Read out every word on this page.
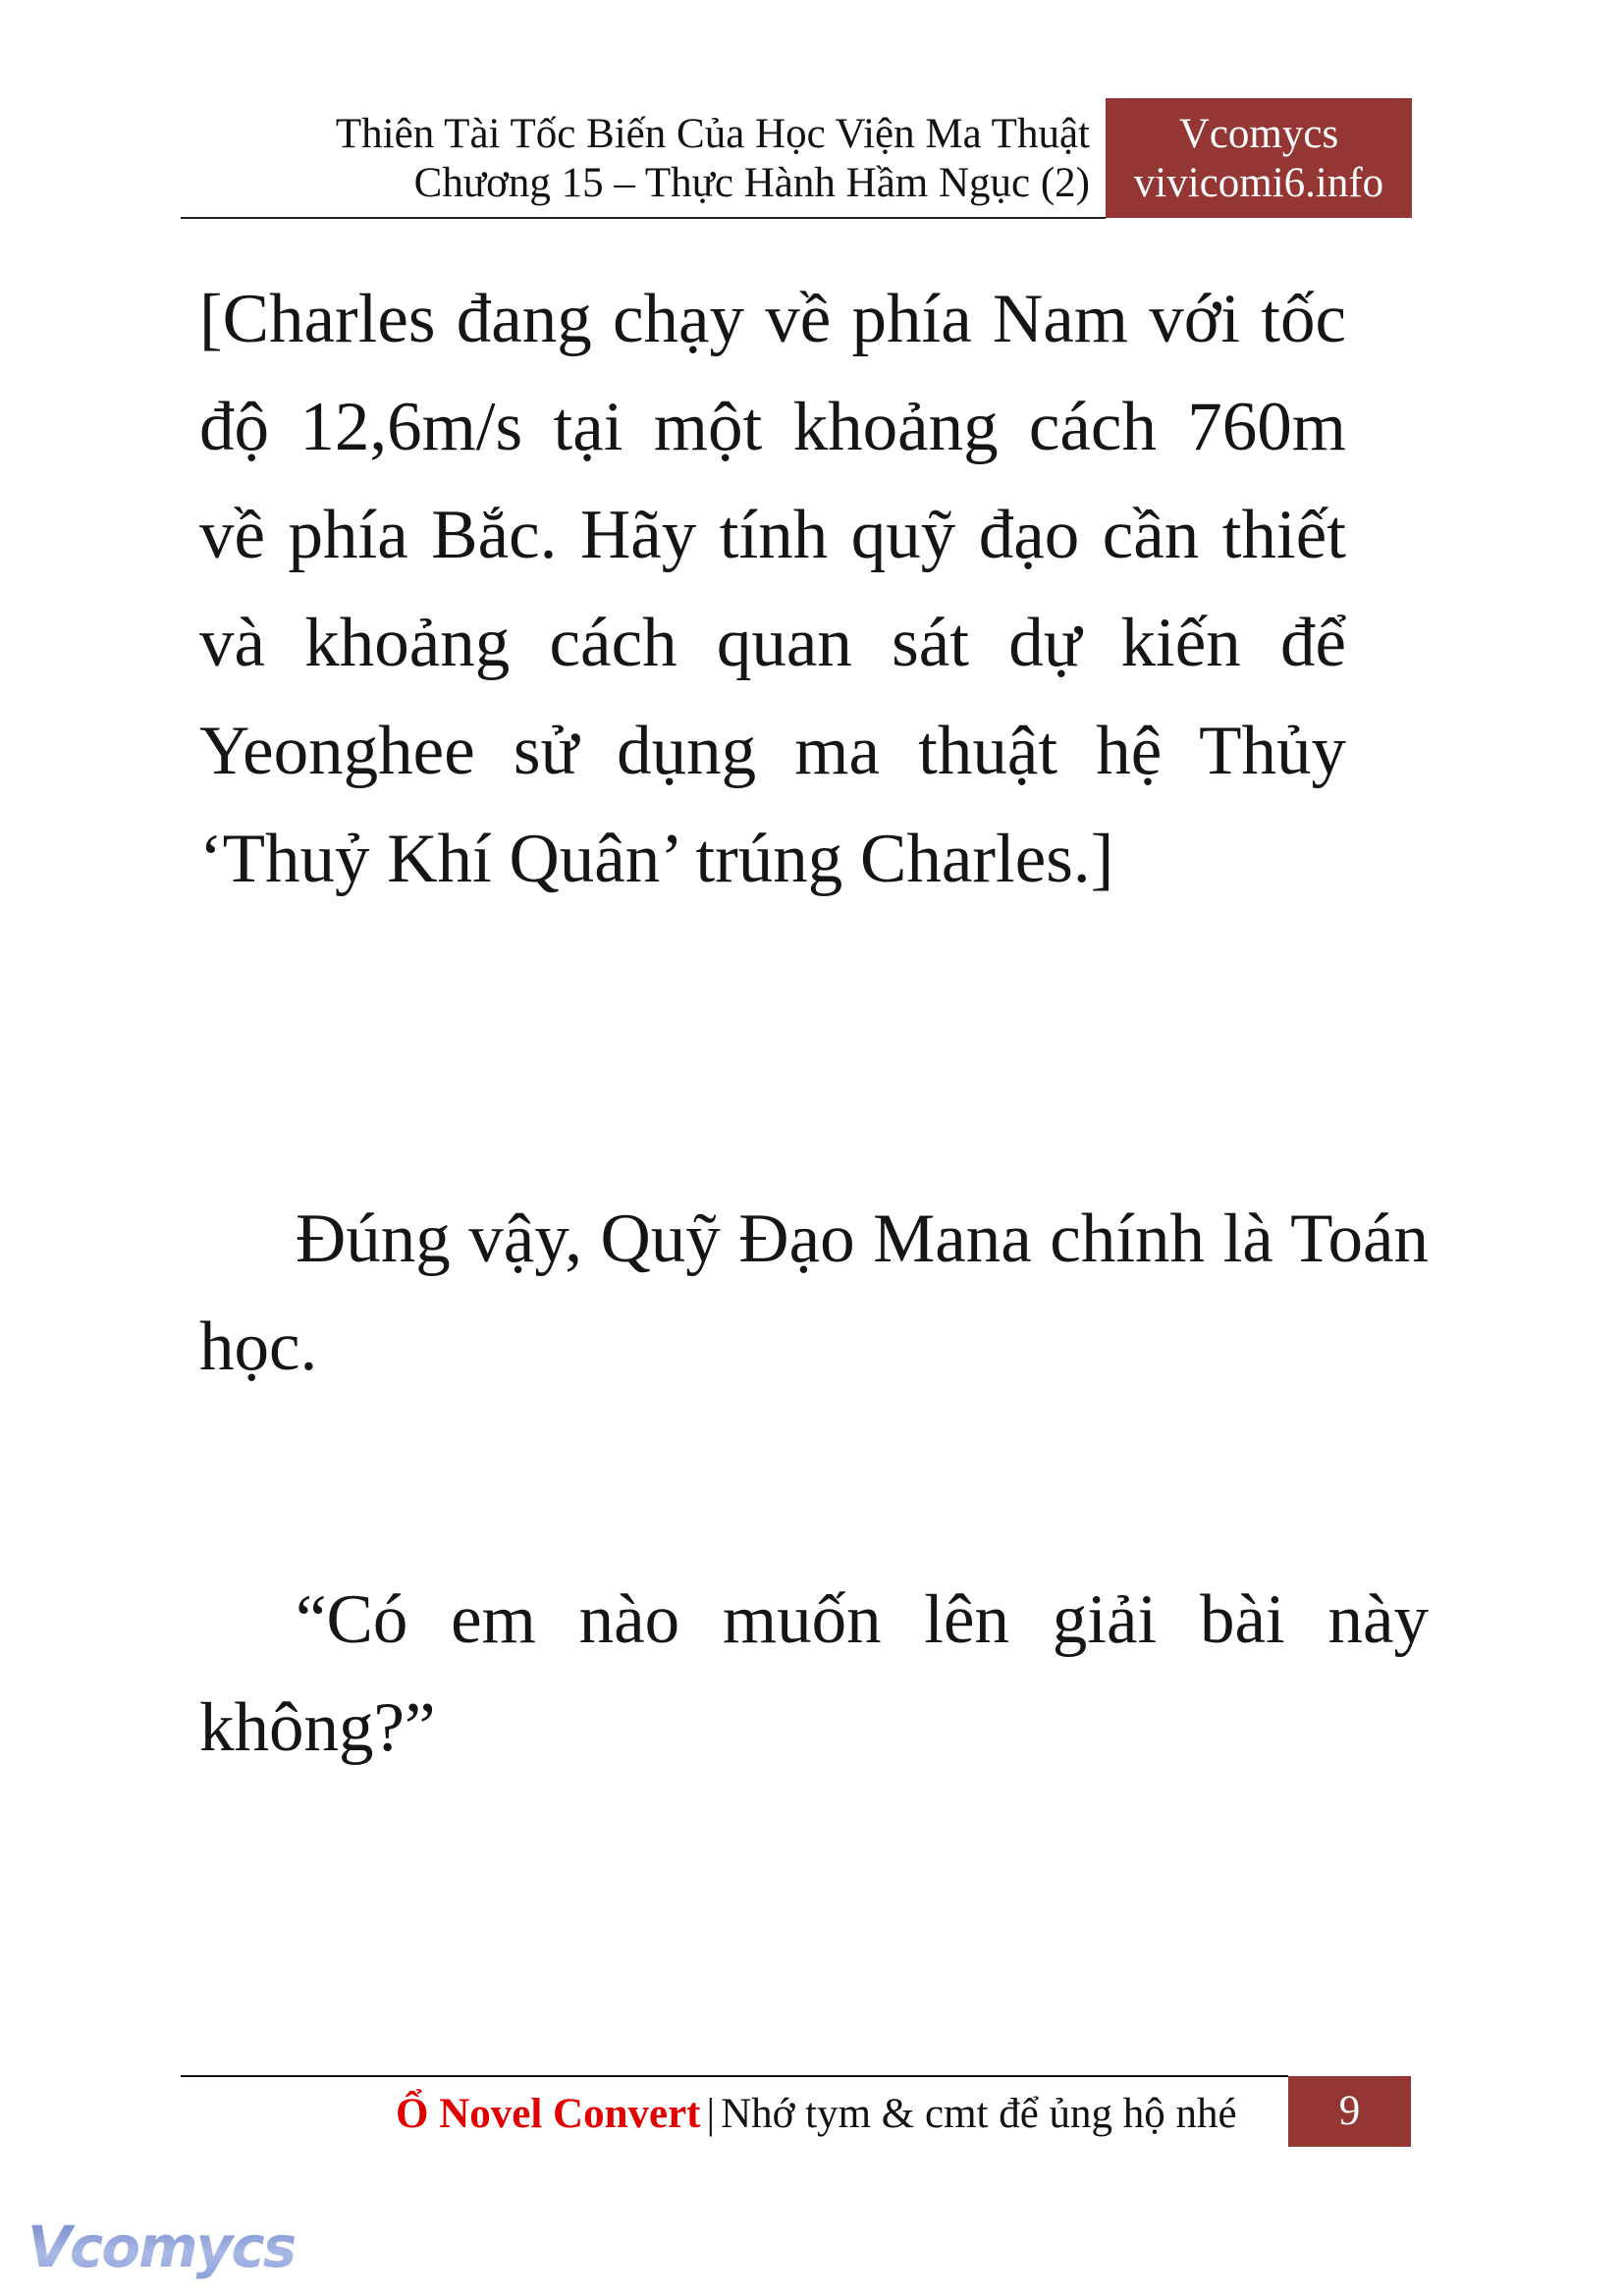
Thiên Tài Tốc Biến Của Học Viện Ma Thuật
Chương 15 – Thực Hành Hầm Ngục (2)
Vcomycs
vivicomi6.info

[Charles đang chạy về phía Nam với tốc độ 12,6m/s tại một khoảng cách 760m về phía Bắc. Hãy tính quỹ đạo cần thiết và khoảng cách quan sát dự kiến để Yeonghee sử dụng ma thuật hệ Thủy ‘Thuỷ Khí Quân’ trúng Charles.]

Đúng vậy, Quỹ Đạo Mana chính là Toán học.

“Có em nào muốn lên giải bài này không?”

Ổ Novel Convert | Nhớ tym & cmt để ủng hộ nhé	9
Vcomycs
